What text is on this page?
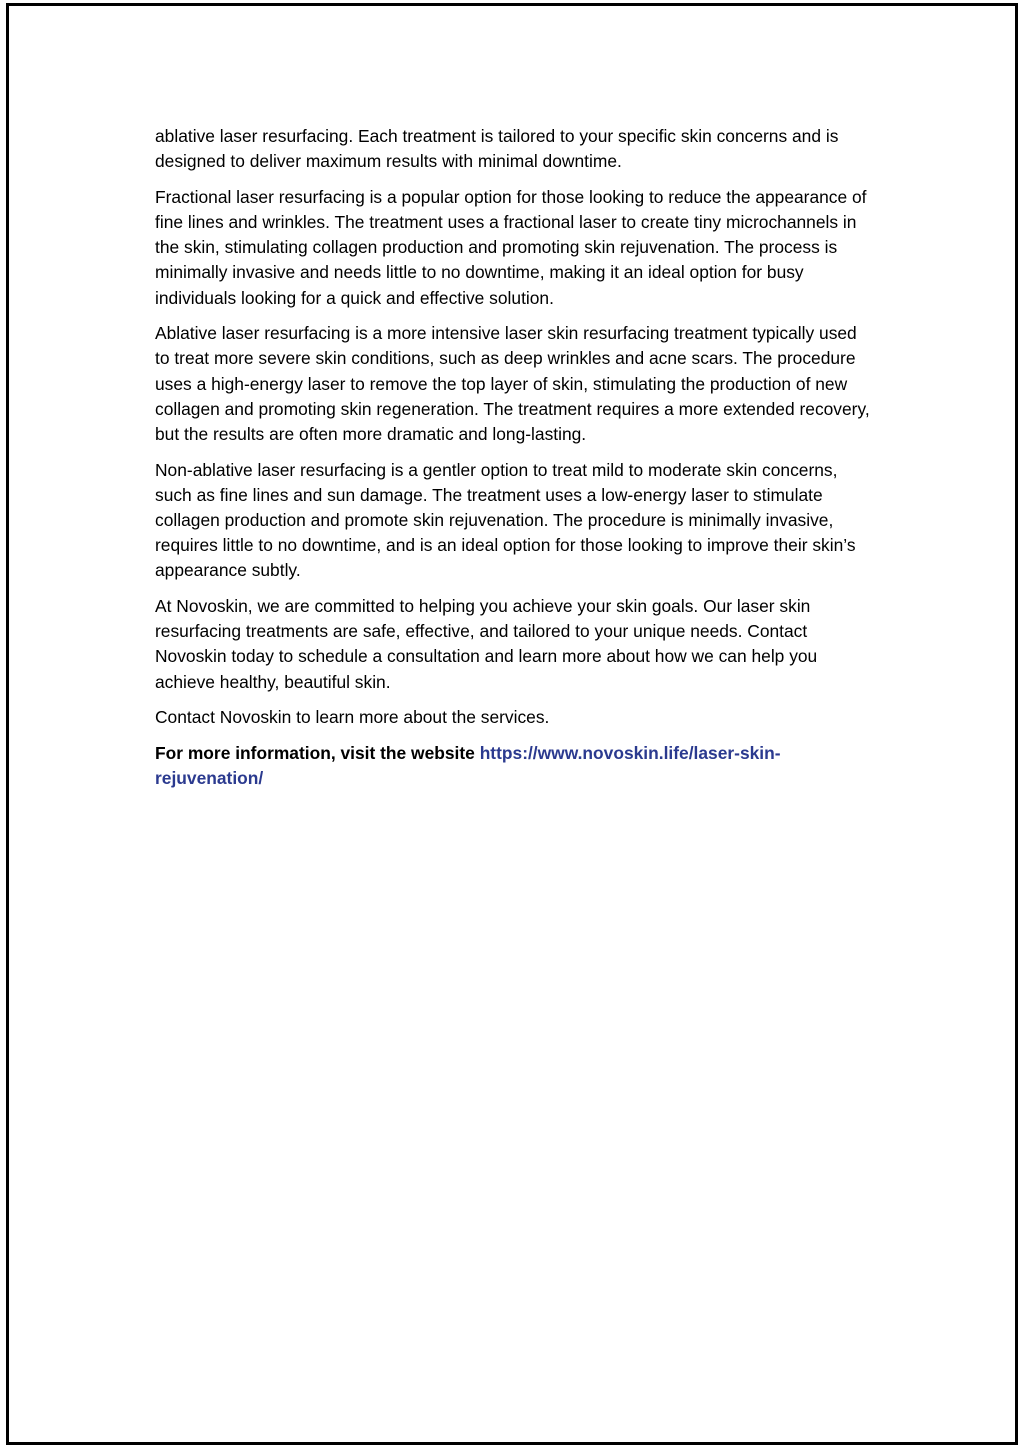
ablative laser resurfacing. Each treatment is tailored to your specific skin concerns and is designed to deliver maximum results with minimal downtime.

Fractional laser resurfacing is a popular option for those looking to reduce the appearance of fine lines and wrinkles. The treatment uses a fractional laser to create tiny microchannels in the skin, stimulating collagen production and promoting skin rejuvenation. The process is minimally invasive and needs little to no downtime, making it an ideal option for busy individuals looking for a quick and effective solution.

Ablative laser resurfacing is a more intensive laser skin resurfacing treatment typically used to treat more severe skin conditions, such as deep wrinkles and acne scars. The procedure uses a high-energy laser to remove the top layer of skin, stimulating the production of new collagen and promoting skin regeneration. The treatment requires a more extended recovery, but the results are often more dramatic and long-lasting.

Non-ablative laser resurfacing is a gentler option to treat mild to moderate skin concerns, such as fine lines and sun damage. The treatment uses a low-energy laser to stimulate collagen production and promote skin rejuvenation. The procedure is minimally invasive, requires little to no downtime, and is an ideal option for those looking to improve their skin’s appearance subtly.

At Novoskin, we are committed to helping you achieve your skin goals. Our laser skin resurfacing treatments are safe, effective, and tailored to your unique needs. Contact Novoskin today to schedule a consultation and learn more about how we can help you achieve healthy, beautiful skin.

Contact Novoskin to learn more about the services.

For more information, visit the website https://www.novoskin.life/laser-skin-rejuvenation/
